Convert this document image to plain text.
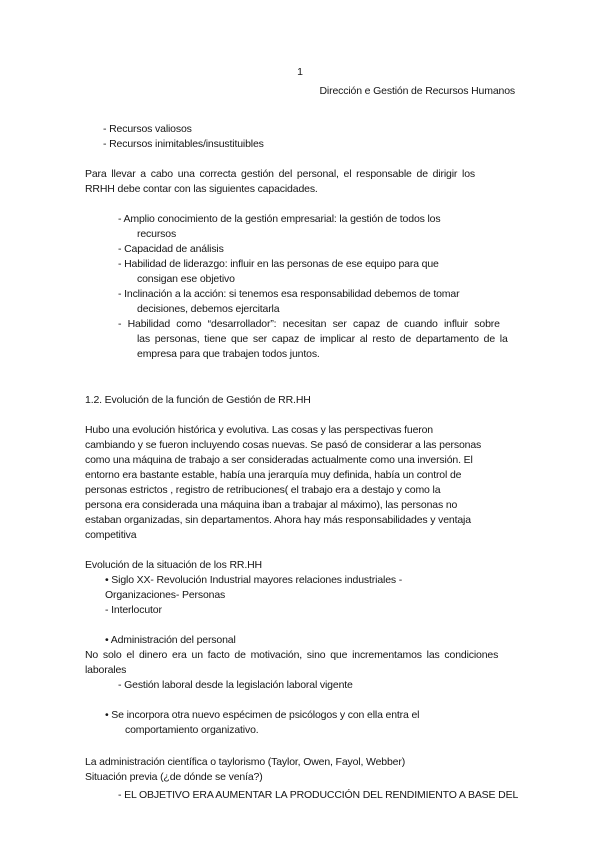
1
Dirección e Gestión de Recursos Humanos
- Recursos valiosos
- Recursos inimitables/insustituibles
Para llevar a cabo una correcta gestión del personal, el responsable de dirigir los
RRHH debe contar con las siguientes capacidades.
- Amplio conocimiento de la gestión empresarial: la gestión de todos los
recursos
- Capacidad de análisis
- Habilidad de liderazgo: influir en las personas de ese equipo para que
consigan ese objetivo
- Inclinación a la acción: si tenemos esa responsabilidad debemos de tomar
decisiones, debemos ejercitarla
- Habilidad como “desarrollador”: necesitan ser capaz de cuando influir sobre
las personas, tiene que ser capaz de implicar al resto de departamento de la
empresa para que trabajen todos juntos.
1.2. Evolución de la función de Gestión de RR.HH
Hubo una evolución histórica y evolutiva. Las cosas y las perspectivas fueron
cambiando y se fueron incluyendo cosas nuevas. Se pasó de considerar a las personas
como una máquina de trabajo a ser consideradas actualmente como una inversión. El
entorno era bastante estable, había una jerarquía muy definida, había un control de
personas estrictos , registro de retribuciones( el trabajo era a destajo y como la
persona era considerada una máquina iban a trabajar al máximo), las personas no
estaban organizadas, sin departamentos. Ahora hay más responsabilidades y ventaja
competitiva
Evolución de la situación de los RR.HH
• Siglo XX- Revolución Industrial mayores relaciones industriales -
Organizaciones- Personas
- Interlocutor
• Administración del personal
No solo el dinero era un facto de motivación, sino que incrementamos las condiciones
laborales
- Gestión laboral desde la legislación laboral vigente
• Se incorpora otra nuevo espécimen de psicólogos y con ella entra el
comportamiento organizativo.
La administración científica o taylorismo (Taylor, Owen, Fayol, Webber)
Situación previa (¿de dónde se venía?)
- EL OBJETIVO ERA AUMENTAR LA PRODUCCIÓN DEL RENDIMIENTO A BASE DEL
